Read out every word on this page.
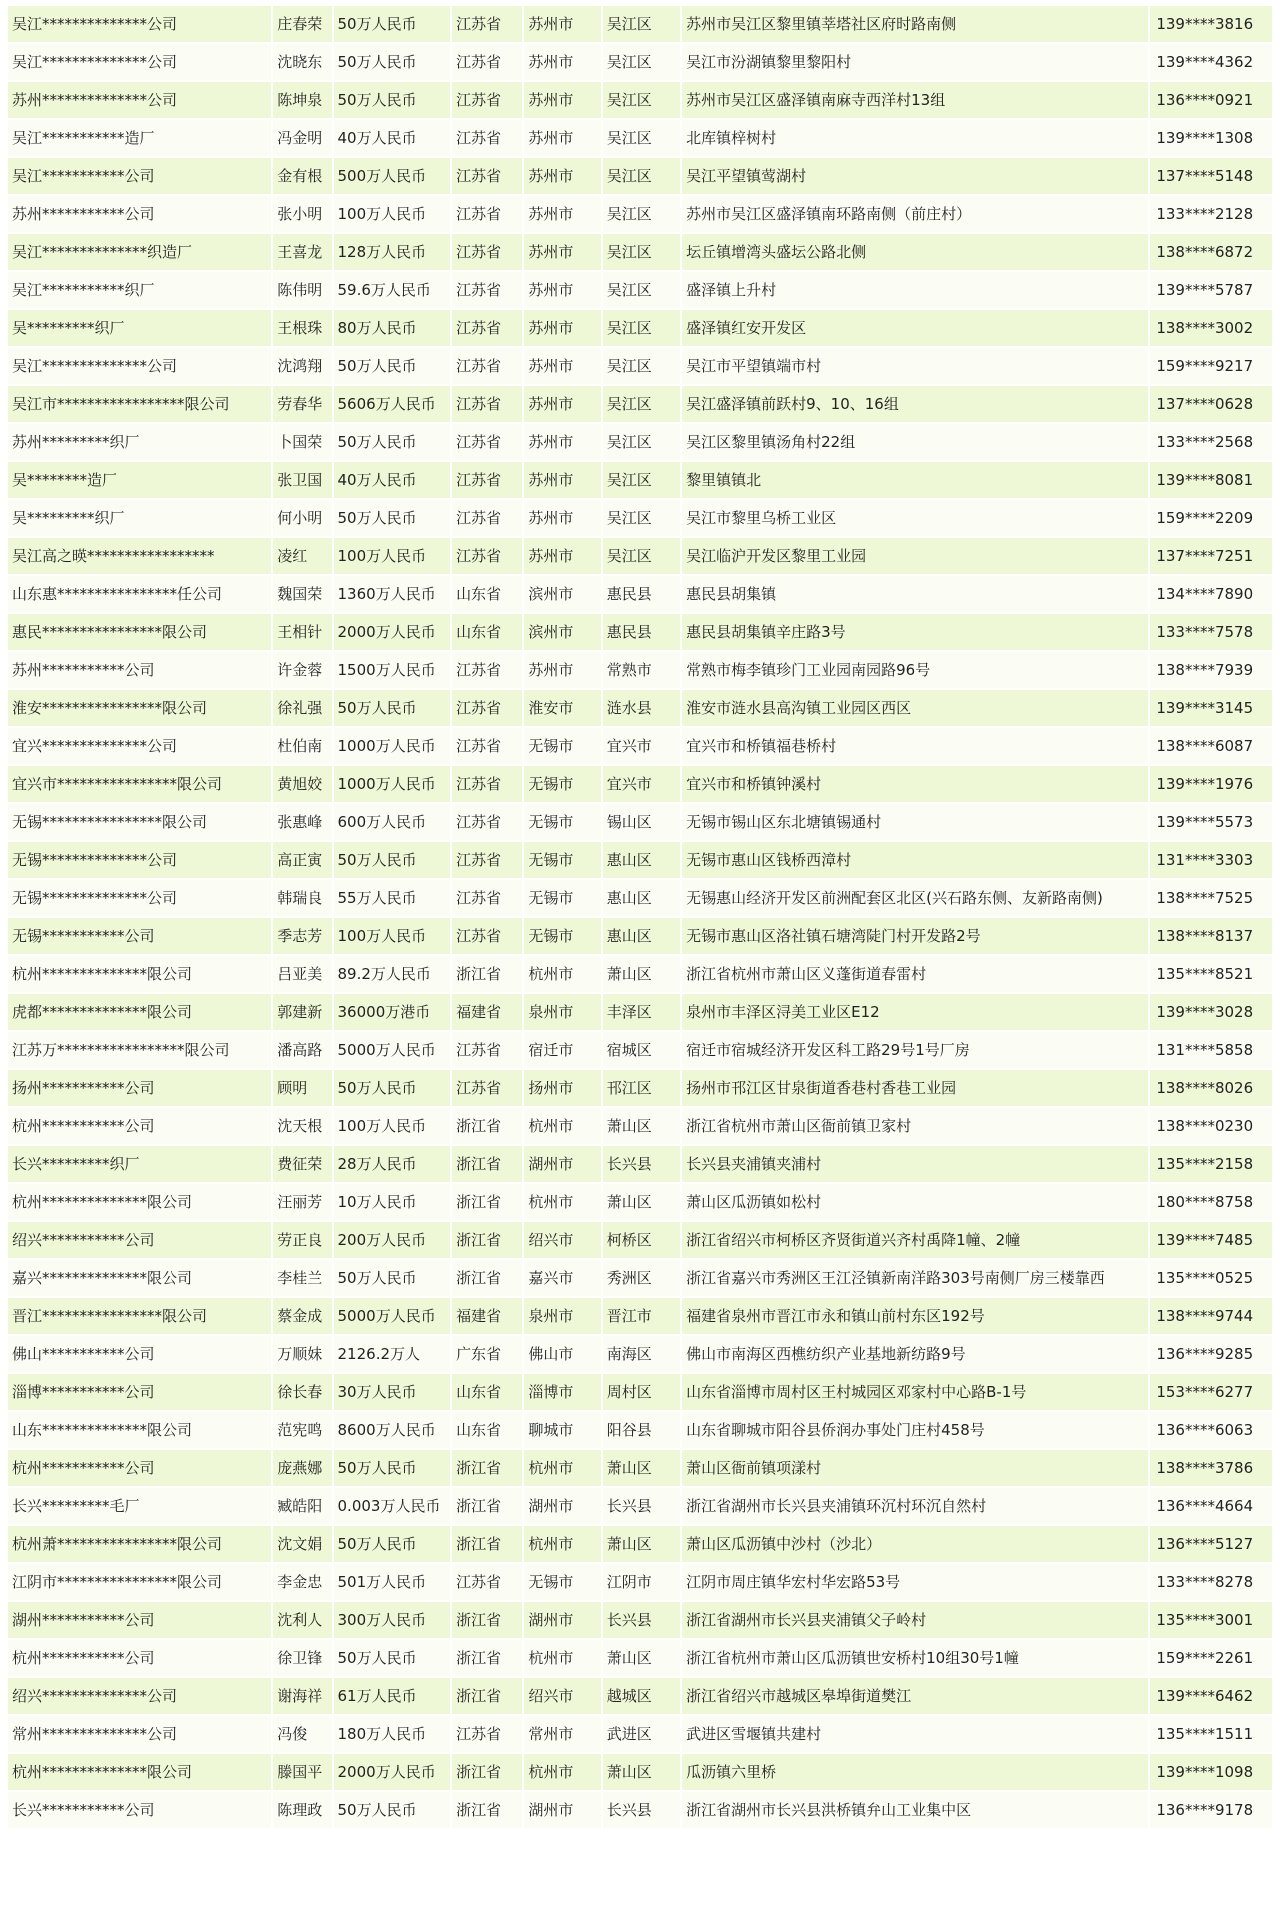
吴江**************公司	庄春荣	50万人民币	江苏省	苏州市	吴江区	苏州市吴江区黎里镇莘塔社区府时路南侧	139****3816
吴江**************公司	沈晓东	50万人民币	江苏省	苏州市	吴江区	吴江市汾湖镇黎里黎阳村	139****4362
苏州**************公司	陈坤泉	50万人民币	江苏省	苏州市	吴江区	苏州市吴江区盛泽镇南麻寺西洋村13组	136****0921
吴江***********造厂	冯金明	40万人民币	江苏省	苏州市	吴江区	北库镇梓树村	139****1308
吴江***********公司	金有根	500万人民币	江苏省	苏州市	吴江区	吴江平望镇莺湖村	137****5148
苏州***********公司	张小明	100万人民币	江苏省	苏州市	吴江区	苏州市吴江区盛泽镇南环路南侧（前庄村）	133****2128
吴江**************织造厂	王喜龙	128万人民币	江苏省	苏州市	吴江区	坛丘镇增湾头盛坛公路北侧	138****6872
吴江***********织厂	陈伟明	59.6万人民币	江苏省	苏州市	吴江区	盛泽镇上升村	139****5787
吴*********织厂	王根珠	80万人民币	江苏省	苏州市	吴江区	盛泽镇红安开发区	138****3002
吴江**************公司	沈鸿翔	50万人民币	江苏省	苏州市	吴江区	吴江市平望镇端市村	159****9217
吴江市*****************限公司	劳春华	5606万人民币	江苏省	苏州市	吴江区	吴江盛泽镇前跃村9、10、16组	137****0628
苏州*********织厂	卜国荣	50万人民币	江苏省	苏州市	吴江区	吴江区黎里镇汤角村22组	133****2568
吴********造厂	张卫国	40万人民币	江苏省	苏州市	吴江区	黎里镇镇北	139****8081
吴*********织厂	何小明	50万人民币	江苏省	苏州市	吴江区	吴江市黎里乌桥工业区	159****2209
吴江高之暎*****************	凌红	100万人民币	江苏省	苏州市	吴江区	吴江临沪开发区黎里工业园	137****7251
山东惠****************任公司	魏国荣	1360万人民币	山东省	滨州市	惠民县	惠民县胡集镇	134****7890
惠民****************限公司	王相针	2000万人民币	山东省	滨州市	惠民县	惠民县胡集镇辛庄路3号	133****7578
苏州***********公司	许金蓉	1500万人民币	江苏省	苏州市	常熟市	常熟市梅李镇珍门工业园南园路96号	138****7939
淮安****************限公司	徐礼强	50万人民币	江苏省	淮安市	涟水县	淮安市涟水县高沟镇工业园区西区	139****3145
宜兴**************公司	杜伯南	1000万人民币	江苏省	无锡市	宜兴市	宜兴市和桥镇福巷桥村	138****6087
宜兴市****************限公司	黄旭姣	1000万人民币	江苏省	无锡市	宜兴市	宜兴市和桥镇钟溪村	139****1976
无锡****************限公司	张惠峰	600万人民币	江苏省	无锡市	锡山区	无锡市锡山区东北塘镇锡通村	139****5573
无锡**************公司	高正寅	50万人民币	江苏省	无锡市	惠山区	无锡市惠山区钱桥西漳村	131****3303
无锡**************公司	韩瑞良	55万人民币	江苏省	无锡市	惠山区	无锡惠山经济开发区前洲配套区北区(兴石路东侧、友新路南侧)	138****7525
无锡***********公司	季志芳	100万人民币	江苏省	无锡市	惠山区	无锡市惠山区洛社镇石塘湾陡门村开发路2号	138****8137
杭州**************限公司	吕亚美	89.2万人民币	浙江省	杭州市	萧山区	浙江省杭州市萧山区义蓬街道春雷村	135****8521
虎都**************限公司	郭建新	36000万港币	福建省	泉州市	丰泽区	泉州市丰泽区浔美工业区E12	139****3028
江苏万*****************限公司	潘高路	5000万人民币	江苏省	宿迁市	宿城区	宿迁市宿城经济开发区科工路29号1号厂房	131****5858
扬州***********公司	顾明	50万人民币	江苏省	扬州市	邗江区	扬州市邗江区甘泉街道香巷村香巷工业园	138****8026
杭州***********公司	沈天根	100万人民币	浙江省	杭州市	萧山区	浙江省杭州市萧山区衙前镇卫家村	138****0230
长兴*********织厂	费征荣	28万人民币	浙江省	湖州市	长兴县	长兴县夹浦镇夹浦村	135****2158
杭州**************限公司	汪丽芳	10万人民币	浙江省	杭州市	萧山区	萧山区瓜沥镇如松村	180****8758
绍兴***********公司	劳正良	200万人民币	浙江省	绍兴市	柯桥区	浙江省绍兴市柯桥区齐贤街道兴齐村禹降1幢、2幢	139****7485
嘉兴**************限公司	李桂兰	50万人民币	浙江省	嘉兴市	秀洲区	浙江省嘉兴市秀洲区王江泾镇新南洋路303号南侧厂房三楼靠西	135****0525
晋江****************限公司	蔡金成	5000万人民币	福建省	泉州市	晋江市	福建省泉州市晋江市永和镇山前村东区192号	138****9744
佛山***********公司	万顺妹	2126.2万人	广东省	佛山市	南海区	佛山市南海区西樵纺织产业基地新纺路9号	136****9285
淄博***********公司	徐长春	30万人民币	山东省	淄博市	周村区	山东省淄博市周村区王村城园区邓家村中心路B-1号	153****6277
山东**************限公司	范宪鸣	8600万人民币	山东省	聊城市	阳谷县	山东省聊城市阳谷县侨润办事处门庄村458号	136****6063
杭州***********公司	庞燕娜	50万人民币	浙江省	杭州市	萧山区	萧山区衙前镇项漾村	138****3786
长兴*********毛厂	臧皓阳	0.003万人民币	浙江省	湖州市	长兴县	浙江省湖州市长兴县夹浦镇环沉村环沉自然村	136****4664
杭州萧****************限公司	沈文娟	50万人民币	浙江省	杭州市	萧山区	萧山区瓜沥镇中沙村（沙北）	136****5127
江阴市****************限公司	李金忠	501万人民币	江苏省	无锡市	江阴市	江阴市周庄镇华宏村华宏路53号	133****8278
湖州***********公司	沈利人	300万人民币	浙江省	湖州市	长兴县	浙江省湖州市长兴县夹浦镇父子岭村	135****3001
杭州***********公司	徐卫锋	50万人民币	浙江省	杭州市	萧山区	浙江省杭州市萧山区瓜沥镇世安桥村10组30号1幢	159****2261
绍兴**************公司	谢海祥	61万人民币	浙江省	绍兴市	越城区	浙江省绍兴市越城区皋埠街道樊江	139****6462
常州**************公司	冯俊	180万人民币	江苏省	常州市	武进区	武进区雪堰镇共建村	135****1511
杭州**************限公司	滕国平	2000万人民币	浙江省	杭州市	萧山区	瓜沥镇六里桥	139****1098
长兴***********公司	陈理政	50万人民币	浙江省	湖州市	长兴县	浙江省湖州市长兴县洪桥镇弁山工业集中区	136****9178
